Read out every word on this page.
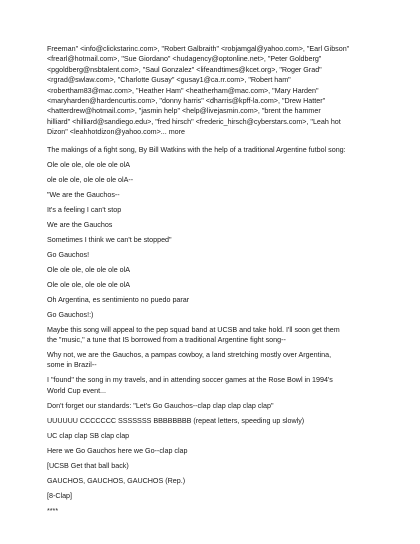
Freeman" <info@clickstarinc.com>, "Robert Galbraith" <robjamgal@yahoo.com>, "Earl Gibson"

<frearl@hotmail.com>, "Sue Giordano" <hudagency@optonline.net>, "Peter Goldberg"

<pgoldberg@nsbtalent.com>, "Saul Gonzalez" <lifeandtimes@kcet.org>, "Roger Grad"

<rgrad@swlaw.com>, "Charlotte Gusay" <gusay1@ca.rr.com>, "Robert ham"

<robertham83@mac.com>, "Heather Ham" <heatherham@mac.com>, "Mary Harden"

<maryharden@hardencurtis.com>, "donny harris" <dharris@kpff-la.com>, "Drew Hatter"

<hatterdrew@hotmail.com>, "jasmin help" <help@livejasmin.com>, "brent the hammer

hilliard" <hilliard@sandiego.edu>, "fred hirsch" <frederic_hirsch@cyberstars.com>, "Leah hot

Dizon" <leahhotdizon@yahoo.com>... more

The makings of a fight song, By Bill Watkins with the help of a traditional Argentine futbol song:

Ole ole ole, ole ole ole olA

ole ole ole, ole ole ole olA--

"We are the Gauchos--

It's a feeling I can't stop

We are the Gauchos

Sometimes I think we can't be stopped"

Go Gauchos!

Ole ole ole, ole ole ole olA

Ole ole ole, ole ole ole olA

Oh Argentina, es sentimiento no puedo parar

Go Gauchos!:)

Maybe this song will appeal to the pep squad band at UCSB and take hold. I'll soon get them
the "music," a tune that IS borrowed from a traditional Argentine fight song--

Why not, we are the Gauchos, a pampas cowboy, a land stretching mostly over Argentina,
some in Brazil--

I "found" the song in my travels, and in attending soccer games at the Rose Bowl in 1994's
World Cup event...

Don't forget our standards: "Let's Go Gauchos--clap clap clap clap clap"

UUUUUU CCCCCCC SSSSSSS BBBBBBBB (repeat letters, speeding up slowly)

UC clap clap SB clap clap

Here we Go Gauchos here we Go--clap clap

[UCSB Get that ball back)

GAUCHOS, GAUCHOS, GAUCHOS (Rep.)

[8-Clap]

****
